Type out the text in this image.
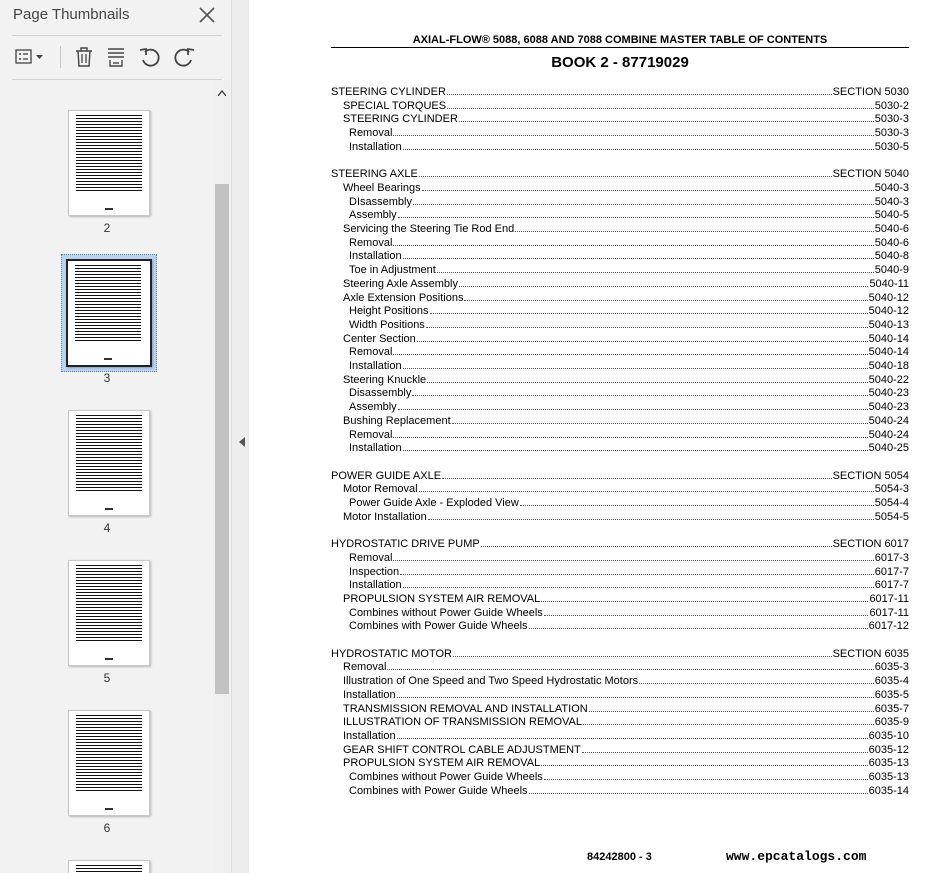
Page Thumbnails
2
3
4
5
6
AXIAL-FLOW® 5088, 6088 AND 7088 COMBINE MASTER TABLE OF CONTENTS
BOOK 2 - 87719029
STEERING CYLINDER	SECTION 5030
SPECIAL TORQUES	5030-2
STEERING CYLINDER	5030-3
Removal	5030-3
Installation	5030-5
STEERING AXLE	SECTION 5040
Wheel Bearings	5040-3
DIsassembly	5040-3
Assembly	5040-5
Servicing the Steering Tie Rod End	5040-6
Removal	5040-6
Installation	5040-8
Toe in Adjustment	5040-9
Steering Axle Assembly	5040-11
Axle Extension Positions	5040-12
Height Positions	5040-12
Width Positions	5040-13
Center Section	5040-14
Removal	5040-14
Installation	5040-18
Steering Knuckle	5040-22
Disassembly	5040-23
Assembly	5040-23
Bushing Replacement	5040-24
Removal	5040-24
Installation	5040-25
POWER GUIDE AXLE	SECTION 5054
Motor Removal	5054-3
Power Guide Axle - Exploded View	5054-4
Motor Installation	5054-5
HYDROSTATIC DRIVE PUMP	SECTION 6017
Removal	6017-3
Inspection	6017-7
Installation	6017-7
PROPULSION SYSTEM AIR REMOVAL	6017-11
Combines without Power Guide Wheels	6017-11
Combines with Power Guide Wheels	6017-12
HYDROSTATIC MOTOR	SECTION 6035
Removal	6035-3
Illustration of One Speed and Two Speed Hydrostatic Motors	6035-4
Installation	6035-5
TRANSMISSION REMOVAL AND INSTALLATION	6035-7
ILLUSTRATION OF TRANSMISSION REMOVAL	6035-9
Installation	6035-10
GEAR SHIFT CONTROL CABLE ADJUSTMENT	6035-12
PROPULSION SYSTEM AIR REMOVAL	6035-13
Combines without Power Guide Wheels	6035-13
Combines with Power Guide Wheels	6035-14
84242800 - 3	www.epcatalogs.com
